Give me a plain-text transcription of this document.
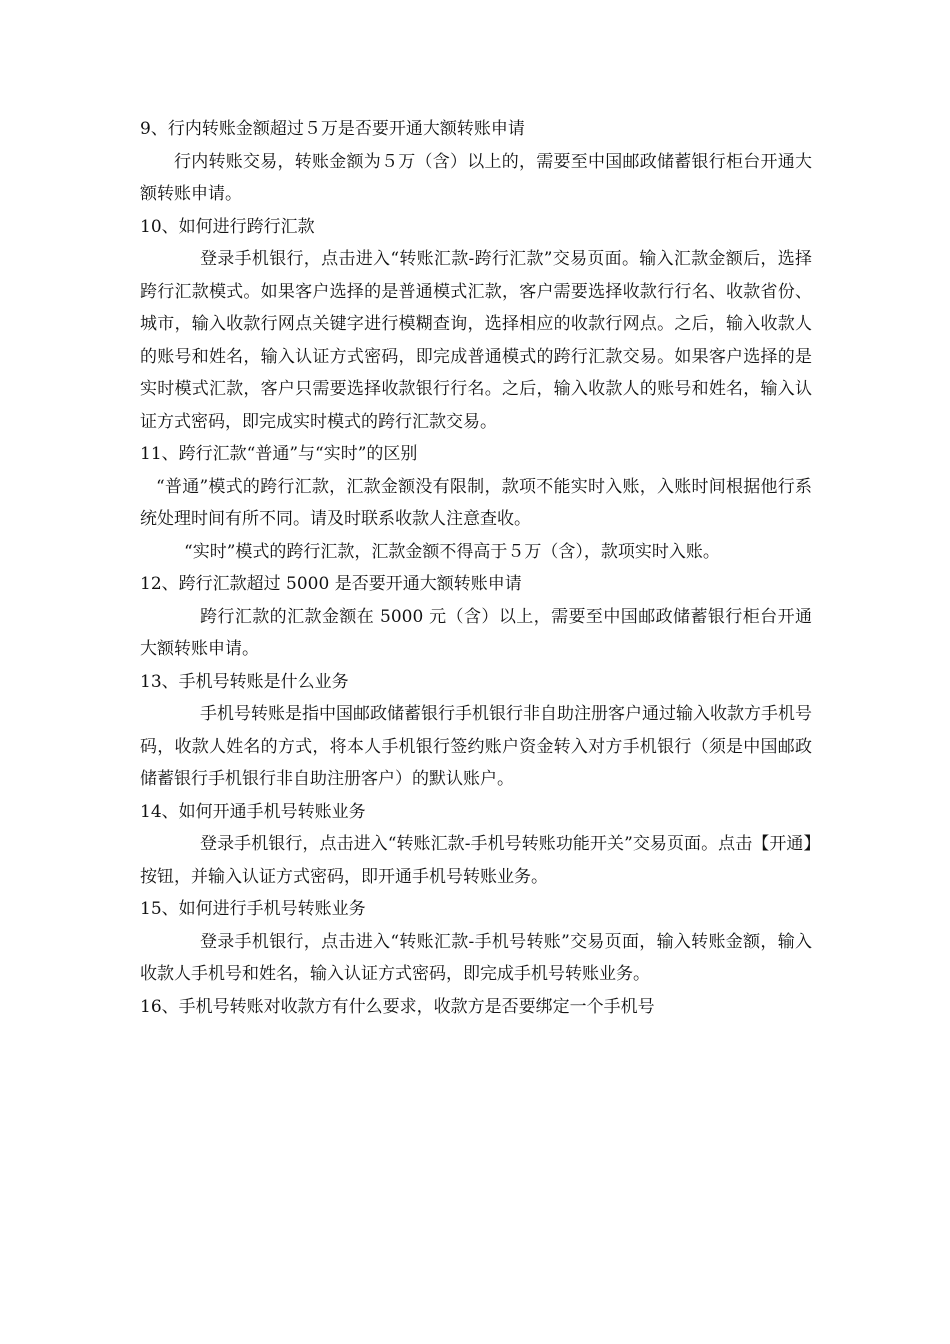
9、行内转账金额超过５万是否要开通大额转账申请

行内转账交易，转账金额为５万（含）以上的，需要至中国邮政储蓄银行柜台开通大额转账申请。

10、如何进行跨行汇款

登录手机银行，点击进入“转账汇款-跨行汇款”交易页面。输入汇款金额后，选择跨行汇款模式。如果客户选择的是普通模式汇款，客户需要选择收款行行名、收款省份、城市，输入收款行网点关键字进行模糊查询，选择相应的收款行网点。之后，输入收款人的账号和姓名，输入认证方式密码，即完成普通模式的跨行汇款交易。如果客户选择的是实时模式汇款，客户只需要选择收款银行行名。之后，输入收款人的账号和姓名，输入认证方式密码，即完成实时模式的跨行汇款交易。

11、跨行汇款“普通”与“实时”的区别

“普通”模式的跨行汇款，汇款金额没有限制，款项不能实时入账，入账时间根据他行系统处理时间有所不同。请及时联系收款人注意查收。

“实时”模式的跨行汇款，汇款金额不得高于５万（含），款项实时入账。

12、跨行汇款超过 5000 是否要开通大额转账申请

跨行汇款的汇款金额在 5000 元（含）以上，需要至中国邮政储蓄银行柜台开通大额转账申请。

13、手机号转账是什么业务

手机号转账是指中国邮政储蓄银行手机银行非自助注册客户通过输入收款方手机号码，收款人姓名的方式，将本人手机银行签约账户资金转入对方手机银行（须是中国邮政储蓄银行手机银行非自助注册客户）的默认账户。

14、如何开通手机号转账业务

登录手机银行，点击进入“转账汇款-手机号转账功能开关”交易页面。点击【开通】按钮，并输入认证方式密码，即开通手机号转账业务。

15、如何进行手机号转账业务

登录手机银行，点击进入“转账汇款-手机号转账”交易页面，输入转账金额，输入收款人手机号和姓名，输入认证方式密码，即完成手机号转账业务。

16、手机号转账对收款方有什么要求，收款方是否要绑定一个手机号
